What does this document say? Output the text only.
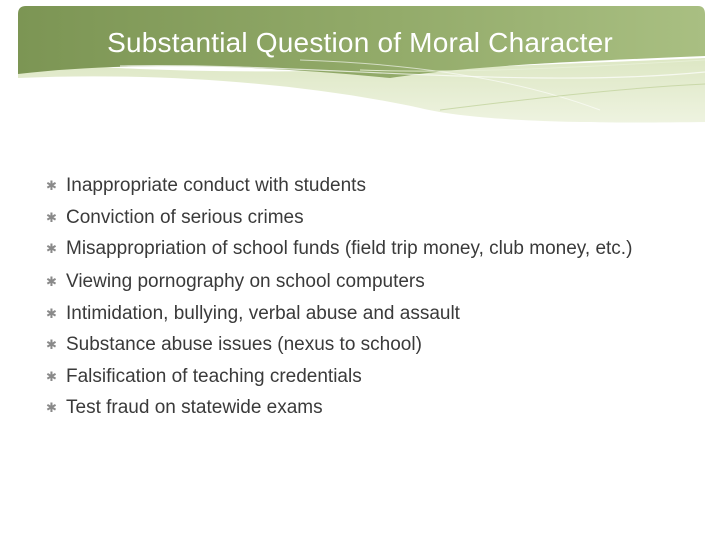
Substantial Question of Moral Character
✱ Inappropriate conduct with students
✱ Conviction of serious crimes
✱ Misappropriation of school funds (field trip money, club money, etc.)
✱ Viewing pornography on school computers
✱ Intimidation, bullying, verbal abuse and assault
✱ Substance abuse issues (nexus to school)
✱ Falsification of teaching credentials
✱ Test fraud on statewide exams
